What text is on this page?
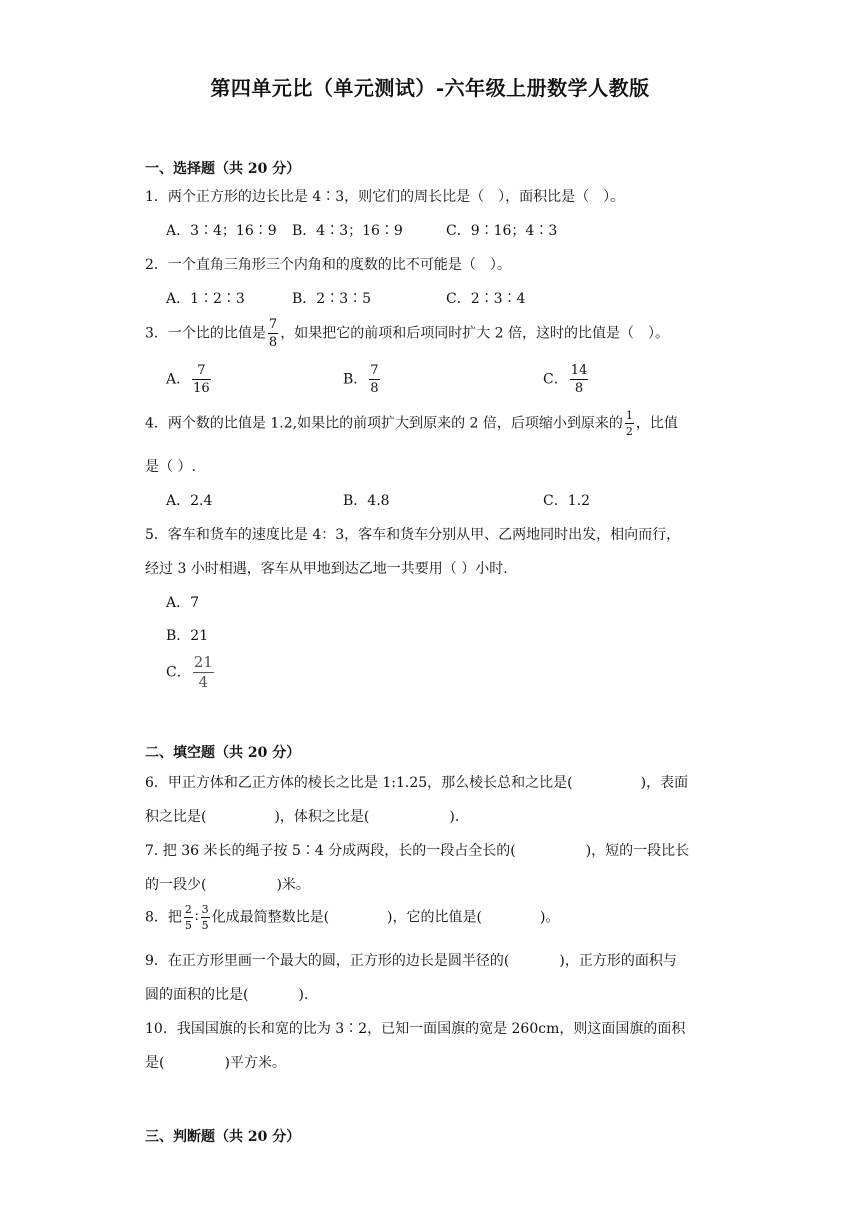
第四单元比（单元测试）-六年级上册数学人教版
一、选择题（共 20 分）
1．两个正方形的边长比是 4∶3，则它们的周长比是（　），面积比是（　）。
A．3∶4；16∶9 B．4∶3；16∶9	C．9∶16；4∶3
2．一个直角三角形三个内角和的度数的比不可能是（　）。
A．1∶2∶3	B．2∶3∶5	C．2∶3∶4
3．一个比的比值是 $\frac{7}{8}$ ，如果把它的前项和后项同时扩大 2 倍，这时的比值是（　）。
A． $\frac{7}{16}$	B． $\frac{7}{8}$	C． $\frac{14}{8}$
4．两个数的比值是 1.2,如果比的前项扩大到原来的 2 倍，后项缩小到原来的 $\frac{1}{2}$ ，比值
是（ ）.
A．2.4	B．4.8	C．1.2
5．客车和货车的速度比是 4：3，客车和货车分别从甲、乙两地同时出发，相向而行，
经过 3 小时相遇，客车从甲地到达乙地一共要用（ ）小时.
A．7
B．21
C． $\frac{21}{4}$
二、填空题（共 20 分）
6．甲正方体和乙正方体的棱长之比是 1:1.25，那么棱长总和之比是(	)，表面
积之比是(	)，体积之比是(	).
7. 把 36 米长的绳子按 5∶4 分成两段，长的一段占全长的(	)，短的一段比长
的一段少(	)米。
8．把 $\frac{2}{5}$ ∶ $\frac{3}{5}$ 化成最简整数比是(	)，它的比值是(	)。
9．在正方形里画一个最大的圆，正方形的边长是圆半径的(	)，正方形的面积与
圆的面积的比是(	).
10．我国国旗的长和宽的比为 3∶2，已知一面国旗的宽是 260cm，则这面国旗的面积
是(	)平方米。
三、判断题（共 20 分）
